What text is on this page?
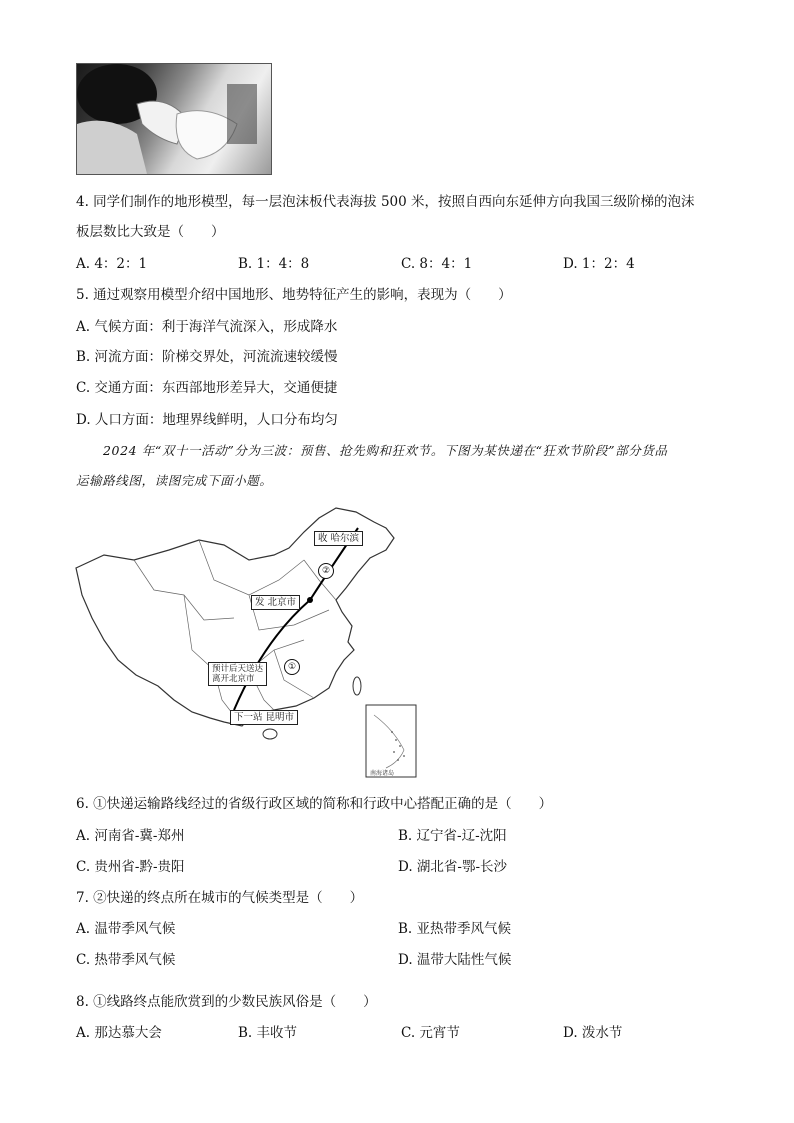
4. 同学们制作的地形模型，每一层泡沫板代表海拔 500 米，按照自西向东延伸方向我国三级阶梯的泡沫
板层数比大致是（　　）
A. 4：2：1	B. 1：4：8	C. 8：4：1	D. 1：2：4
5. 通过观察用模型介绍中国地形、地势特征产生的影响，表现为（　　）
A. 气候方面：利于海洋气流深入，形成降水
B. 河流方面：阶梯交界处，河流流速较缓慢
C. 交通方面：东西部地形差异大，交通便捷
D. 人口方面：地理界线鲜明，人口分布均匀
2024 年“双十一活动”分为三波：预售、抢先购和狂欢节。下图为某快递在“狂欢节阶段”部分货品
运输路线图，读图完成下面小题。
收 哈尔滨
发 北京市
预计后天送达
离开北京市
下一站 昆明市
南海诸岛
②
①
6. ①快递运输路线经过的省级行政区域的简称和行政中心搭配正确的是（　　）
A. 河南省-冀-郑州	B. 辽宁省-辽-沈阳
C. 贵州省-黔-贵阳	D. 湖北省-鄂-长沙
7. ②快递的终点所在城市的气候类型是（　　）
A. 温带季风气候	B. 亚热带季风气候
C. 热带季风气候	D. 温带大陆性气候
8. ①线路终点能欣赏到的少数民族风俗是（　　）
A. 那达慕大会	B. 丰收节	C. 元宵节	D. 泼水节
